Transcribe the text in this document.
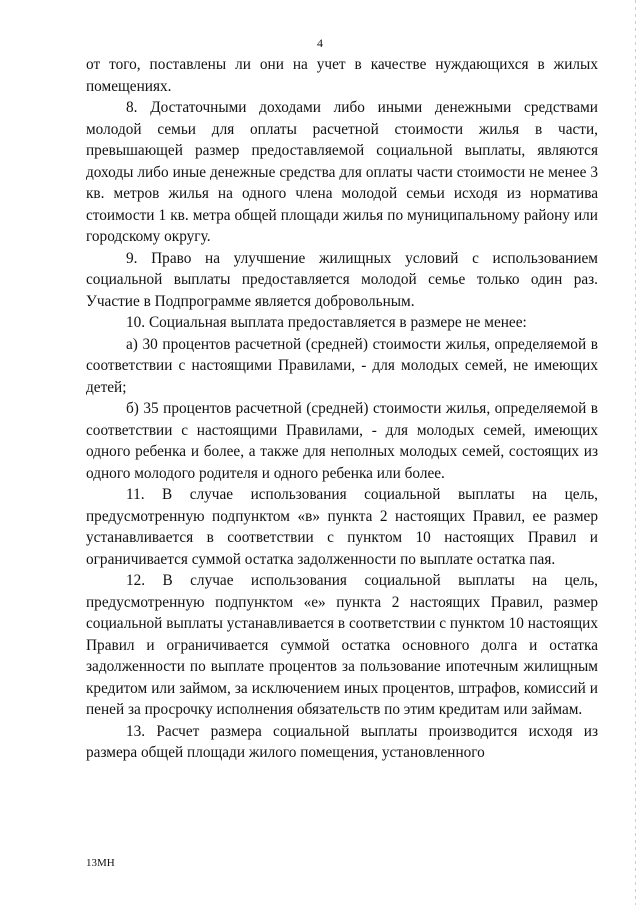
4

от того, поставлены ли они на учет в качестве нуждающихся в жилых помещениях.

8. Достаточными доходами либо иными денежными средствами молодой семьи для оплаты расчетной стоимости жилья в части, превышающей размер предоставляемой социальной выплаты, являются доходы либо иные денежные средства для оплаты части стоимости не менее 3 кв. метров жилья на одного члена молодой семьи исходя из норматива стоимости 1 кв. метра общей площади жилья по муниципальному району или городскому округу.

9. Право на улучшение жилищных условий с использованием социальной выплаты предоставляется молодой семье только один раз. Участие в Подпрограмме является добровольным.

10. Социальная выплата предоставляется в размере не менее:

а) 30 процентов расчетной (средней) стоимости жилья, определяемой в соответствии с настоящими Правилами, - для молодых семей, не имеющих детей;

б) 35 процентов расчетной (средней) стоимости жилья, определяемой в соответствии с настоящими Правилами, - для молодых семей, имеющих одного ребенка и более, а также для неполных молодых семей, состоящих из одного молодого родителя и одного ребенка или более.

11. В случае использования социальной выплаты на цель, предусмотренную подпунктом «в» пункта 2 настоящих Правил, ее размер устанавливается в соответствии с пунктом 10 настоящих Правил и ограничивается суммой остатка задолженности по выплате остатка пая.

12. В случае использования социальной выплаты на цель, предусмотренную подпунктом «е» пункта 2 настоящих Правил, размер социальной выплаты устанавливается в соответствии с пунктом 10 настоящих Правил и ограничивается суммой остатка основного долга и остатка задолженности по выплате процентов за пользование ипотечным жилищным кредитом или займом, за исключением иных процентов, штрафов, комиссий и пеней за просрочку исполнения обязательств по этим кредитам или займам.

13. Расчет размера социальной выплаты производится исходя из размера общей площади жилого помещения, установленного

13МН
